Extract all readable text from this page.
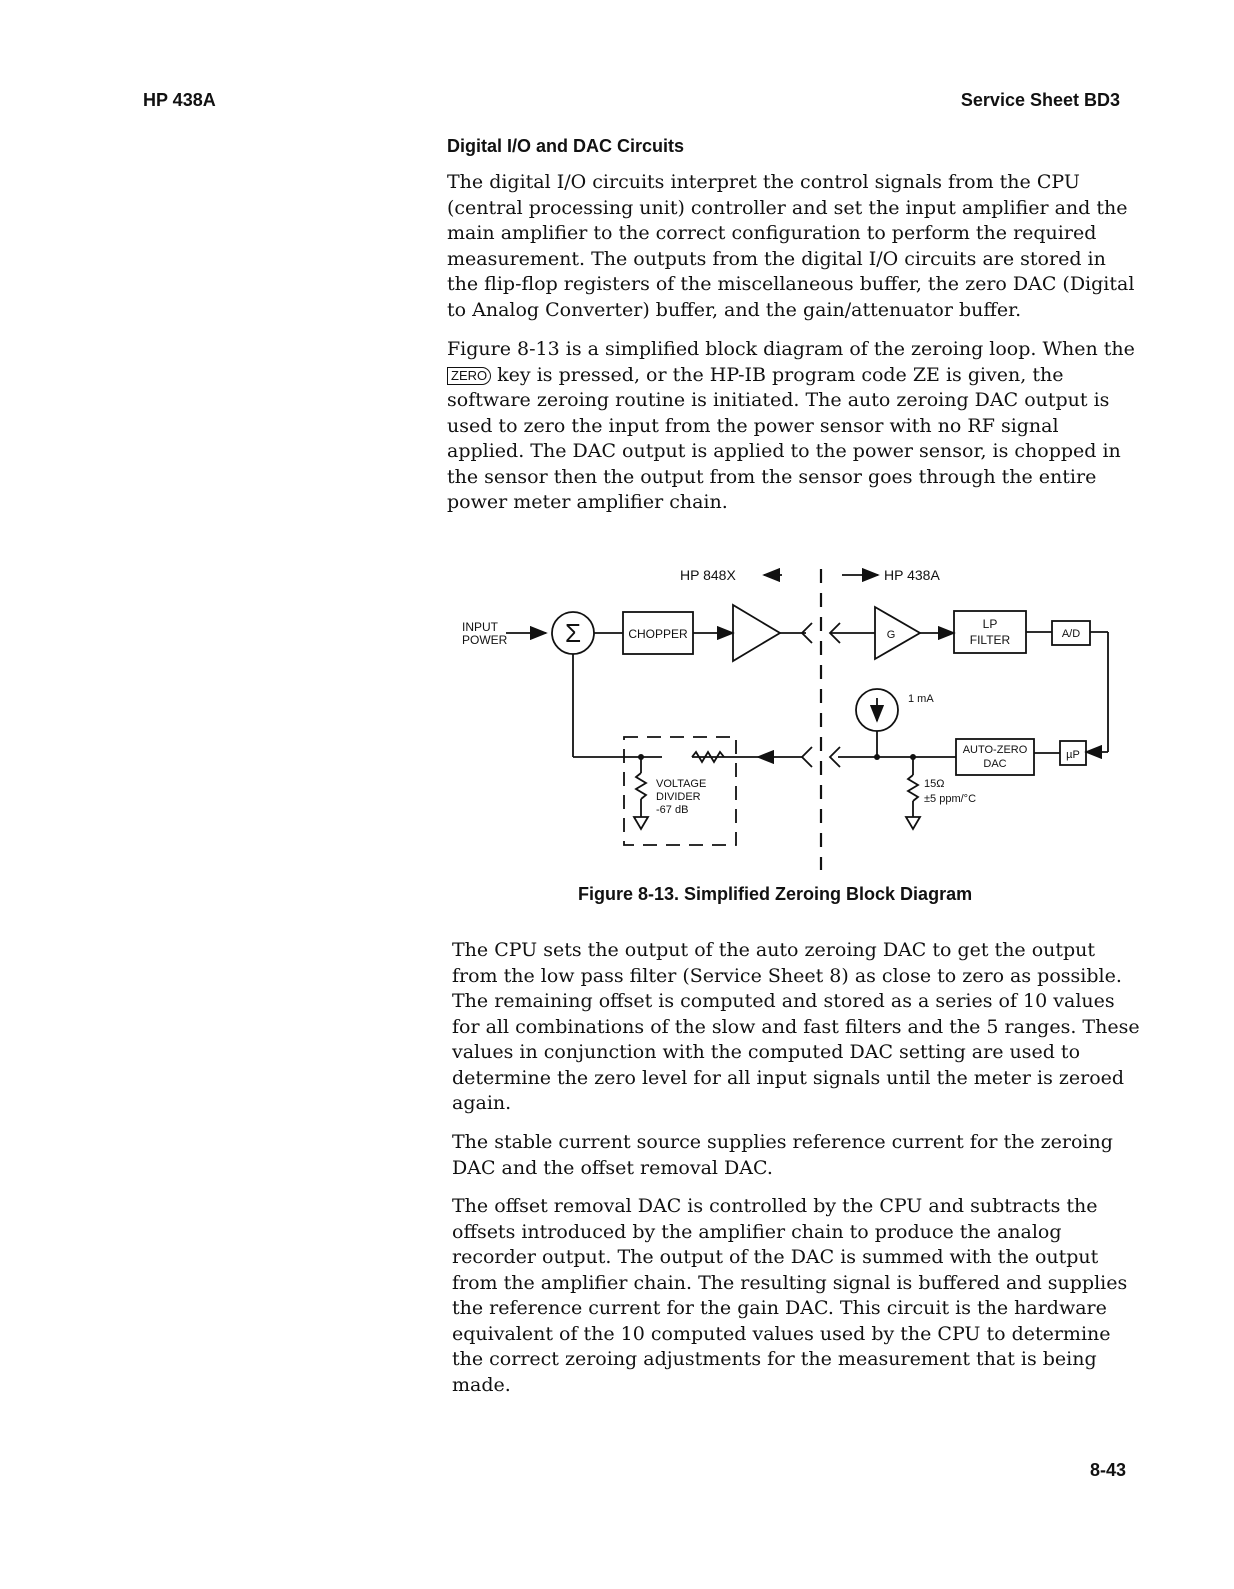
HP 438A	Service Sheet BD3
Digital I/O and DAC Circuits

The digital I/O circuits interpret the control signals from the CPU (central processing unit) controller and set the input amplifier and the main amplifier to the correct configuration to perform the required measurement. The outputs from the digital I/O circuits are stored in the flip-flop registers of the miscellaneous buffer, the zero DAC (Digital to Analog Converter) buffer, and the gain/attenuator buffer.

Figure 8-13 is a simplified block diagram of the zeroing loop. When the ZERO key is pressed, or the HP-IB program code ZE is given, the software zeroing routine is initiated. The auto zeroing DAC output is used to zero the input from the power sensor with no RF signal applied. The DAC output is applied to the power sensor, is chopped in the sensor then the output from the sensor goes through the entire power meter amplifier chain.

HP 848X	HP 438A
INPUT
POWER Σ	CHOPPER	G
LP
FILTER	A/D
1 mA
AUTO-ZERO
DAC
µP
VOLTAGE
DIVIDER
-67 dB
15Ω
±5 ppm/°C
Figure 8-13. Simplified Zeroing Block Diagram

The CPU sets the output of the auto zeroing DAC to get the output from the low pass filter (Service Sheet 8) as close to zero as possible. The remaining offset is computed and stored as a series of 10 values for all combinations of the slow and fast filters and the 5 ranges. These values in conjunction with the computed DAC setting are used to determine the zero level for all input signals until the meter is zeroed again.

The stable current source supplies reference current for the zeroing DAC and the offset removal DAC.

The offset removal DAC is controlled by the CPU and subtracts the offsets introduced by the amplifier chain to produce the analog recorder output. The output of the DAC is summed with the output from the amplifier chain. The resulting signal is buffered and supplies the reference current for the gain DAC. This circuit is the hardware equivalent of the 10 computed values used by the CPU to determine the correct zeroing adjustments for the measurement that is being made.

8-43
